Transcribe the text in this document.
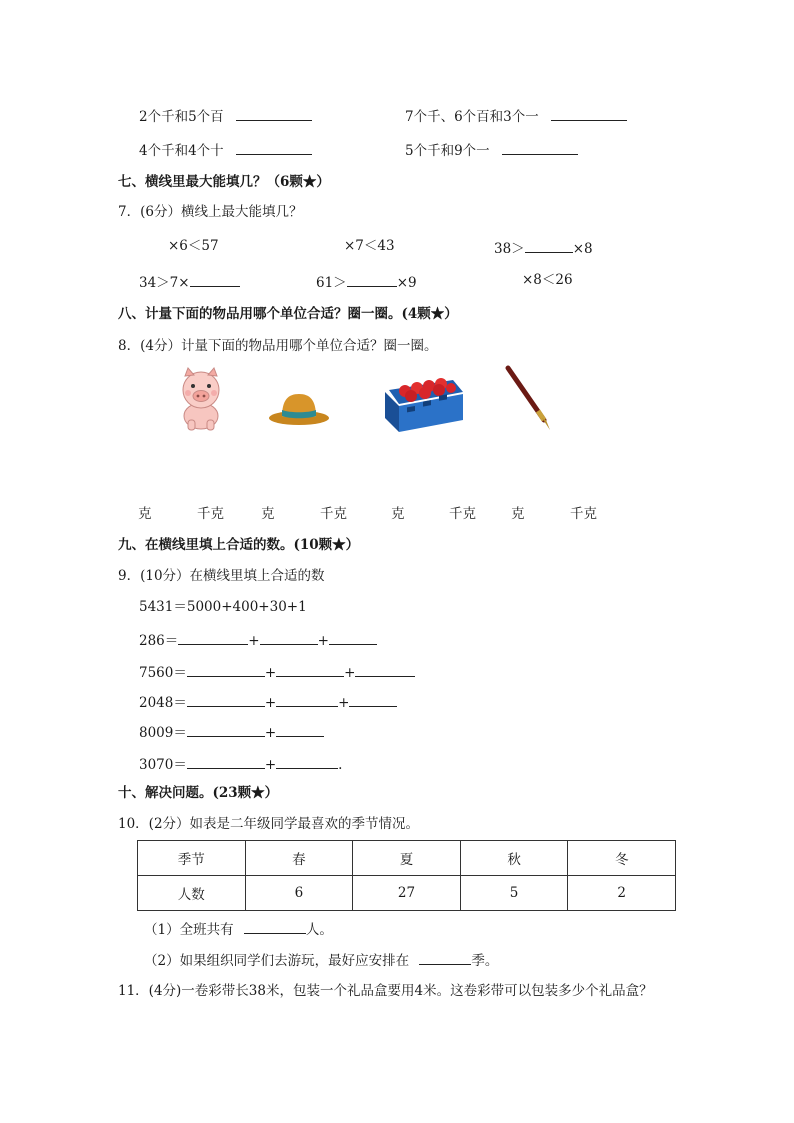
2个千和5个百	7个千、6个百和3个一
4个千和4个十	5个千和9个一
七、横线里最大能填几？（6颗★）
7．(6分）横线上最大能填几？
×6＜57	×7＜43	38＞	×8
34＞7×	61＞	×9	×8＜26
八、计量下面的物品用哪个单位合适？圈一圈。(4颗★）
8．(4分）计量下面的物品用哪个单位合适？圈一圈。
克	千克	克	千克	克	千克	克	千克
九、在横线里填上合适的数。(10颗★）
9．(10分）在横线里填上合适的数
5431＝5000+400+30+1
286＝	+	+
7560＝	+	+
2048＝	+	+
8009＝	+
3070＝	+	.
十、解决问题。(23颗★）
10．(2分）如表是二年级同学最喜欢的季节情况。
季节	春	夏	秋	冬
人数	6	27	5	2
（1）全班共有	人。
（2）如果组织同学们去游玩，最好应安排在	季。
11．(4分)一卷彩带长38米，包装一个礼品盒要用4米。这卷彩带可以包装多少个礼品盒？
